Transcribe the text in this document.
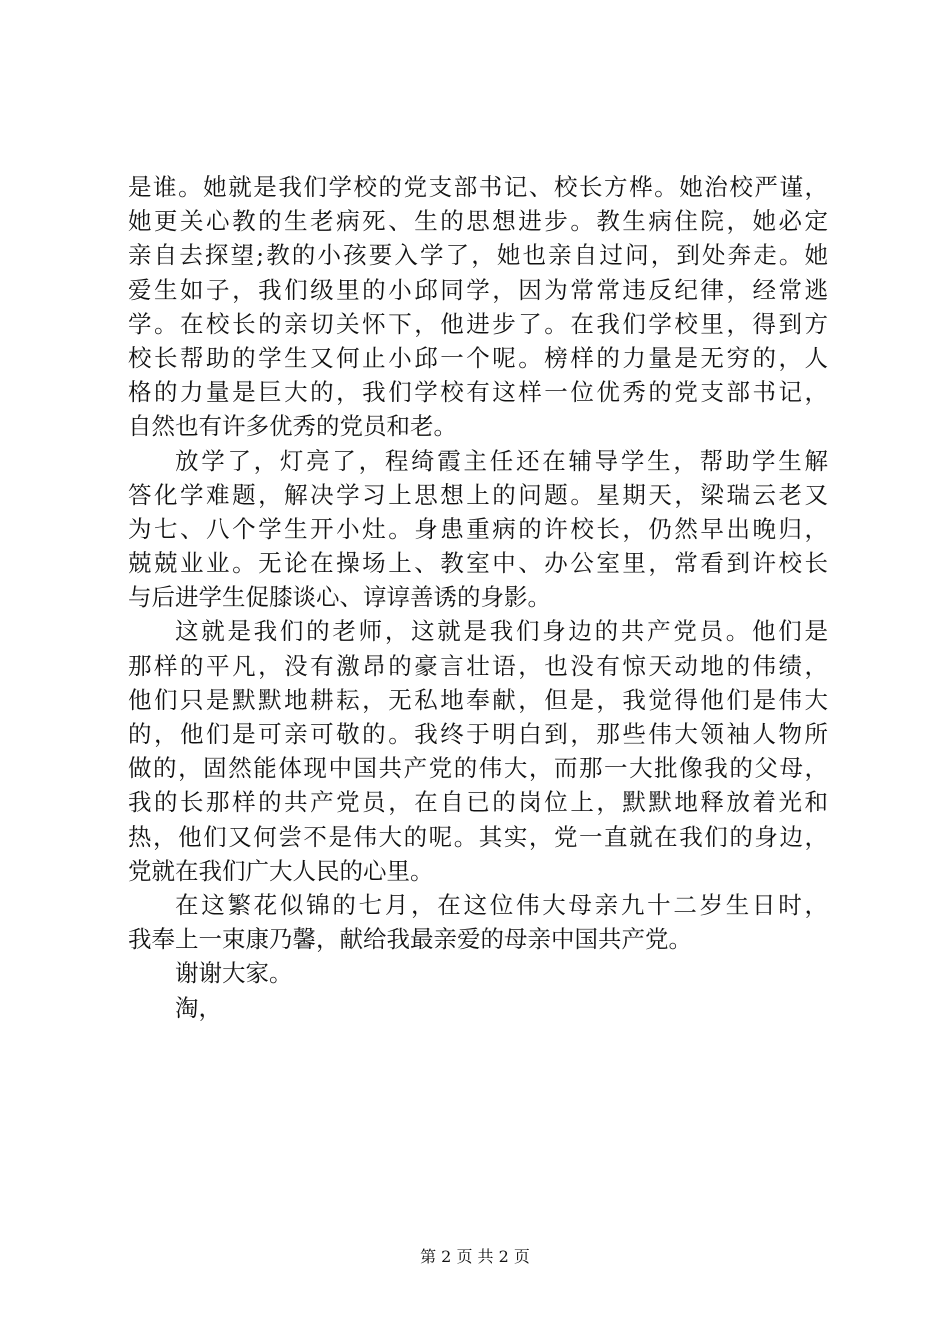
是谁。她就是我们学校的党支部书记、校长方桦。她治校严谨，
她更关心教的生老病死、生的思想进步。教生病住院，她必定
亲自去探望;教的小孩要入学了，她也亲自过问，到处奔走。她
爱生如子，我们级里的小邱同学，因为常常违反纪律，经常逃
学。在校长的亲切关怀下，他进步了。在我们学校里，得到方
校长帮助的学生又何止小邱一个呢。榜样的力量是无穷的，人
格的力量是巨大的，我们学校有这样一位优秀的党支部书记，
自然也有许多优秀的党员和老。
放学了，灯亮了，程绮霞主任还在辅导学生，帮助学生解
答化学难题，解决学习上思想上的问题。星期天，梁瑞云老又
为七、八个学生开小灶。身患重病的许校长，仍然早出晚归，
兢兢业业。无论在操场上、教室中、办公室里，常看到许校长
与后进学生促膝谈心、谆谆善诱的身影。
这就是我们的老师，这就是我们身边的共产党员。他们是
那样的平凡，没有激昂的豪言壮语，也没有惊天动地的伟绩，
他们只是默默地耕耘，无私地奉献，但是，我觉得他们是伟大
的，他们是可亲可敬的。我终于明白到，那些伟大领袖人物所
做的，固然能体现中国共产党的伟大，而那一大批像我的父母，
我的长那样的共产党员，在自已的岗位上，默默地释放着光和
热，他们又何尝不是伟大的呢。其实，党一直就在我们的身边，
党就在我们广大人民的心里。
在这繁花似锦的七月，在这位伟大母亲九十二岁生日时，
我奉上一束康乃馨，献给我最亲爱的母亲中国共产党。
谢谢大家。
淘，
第 2 页 共 2 页
